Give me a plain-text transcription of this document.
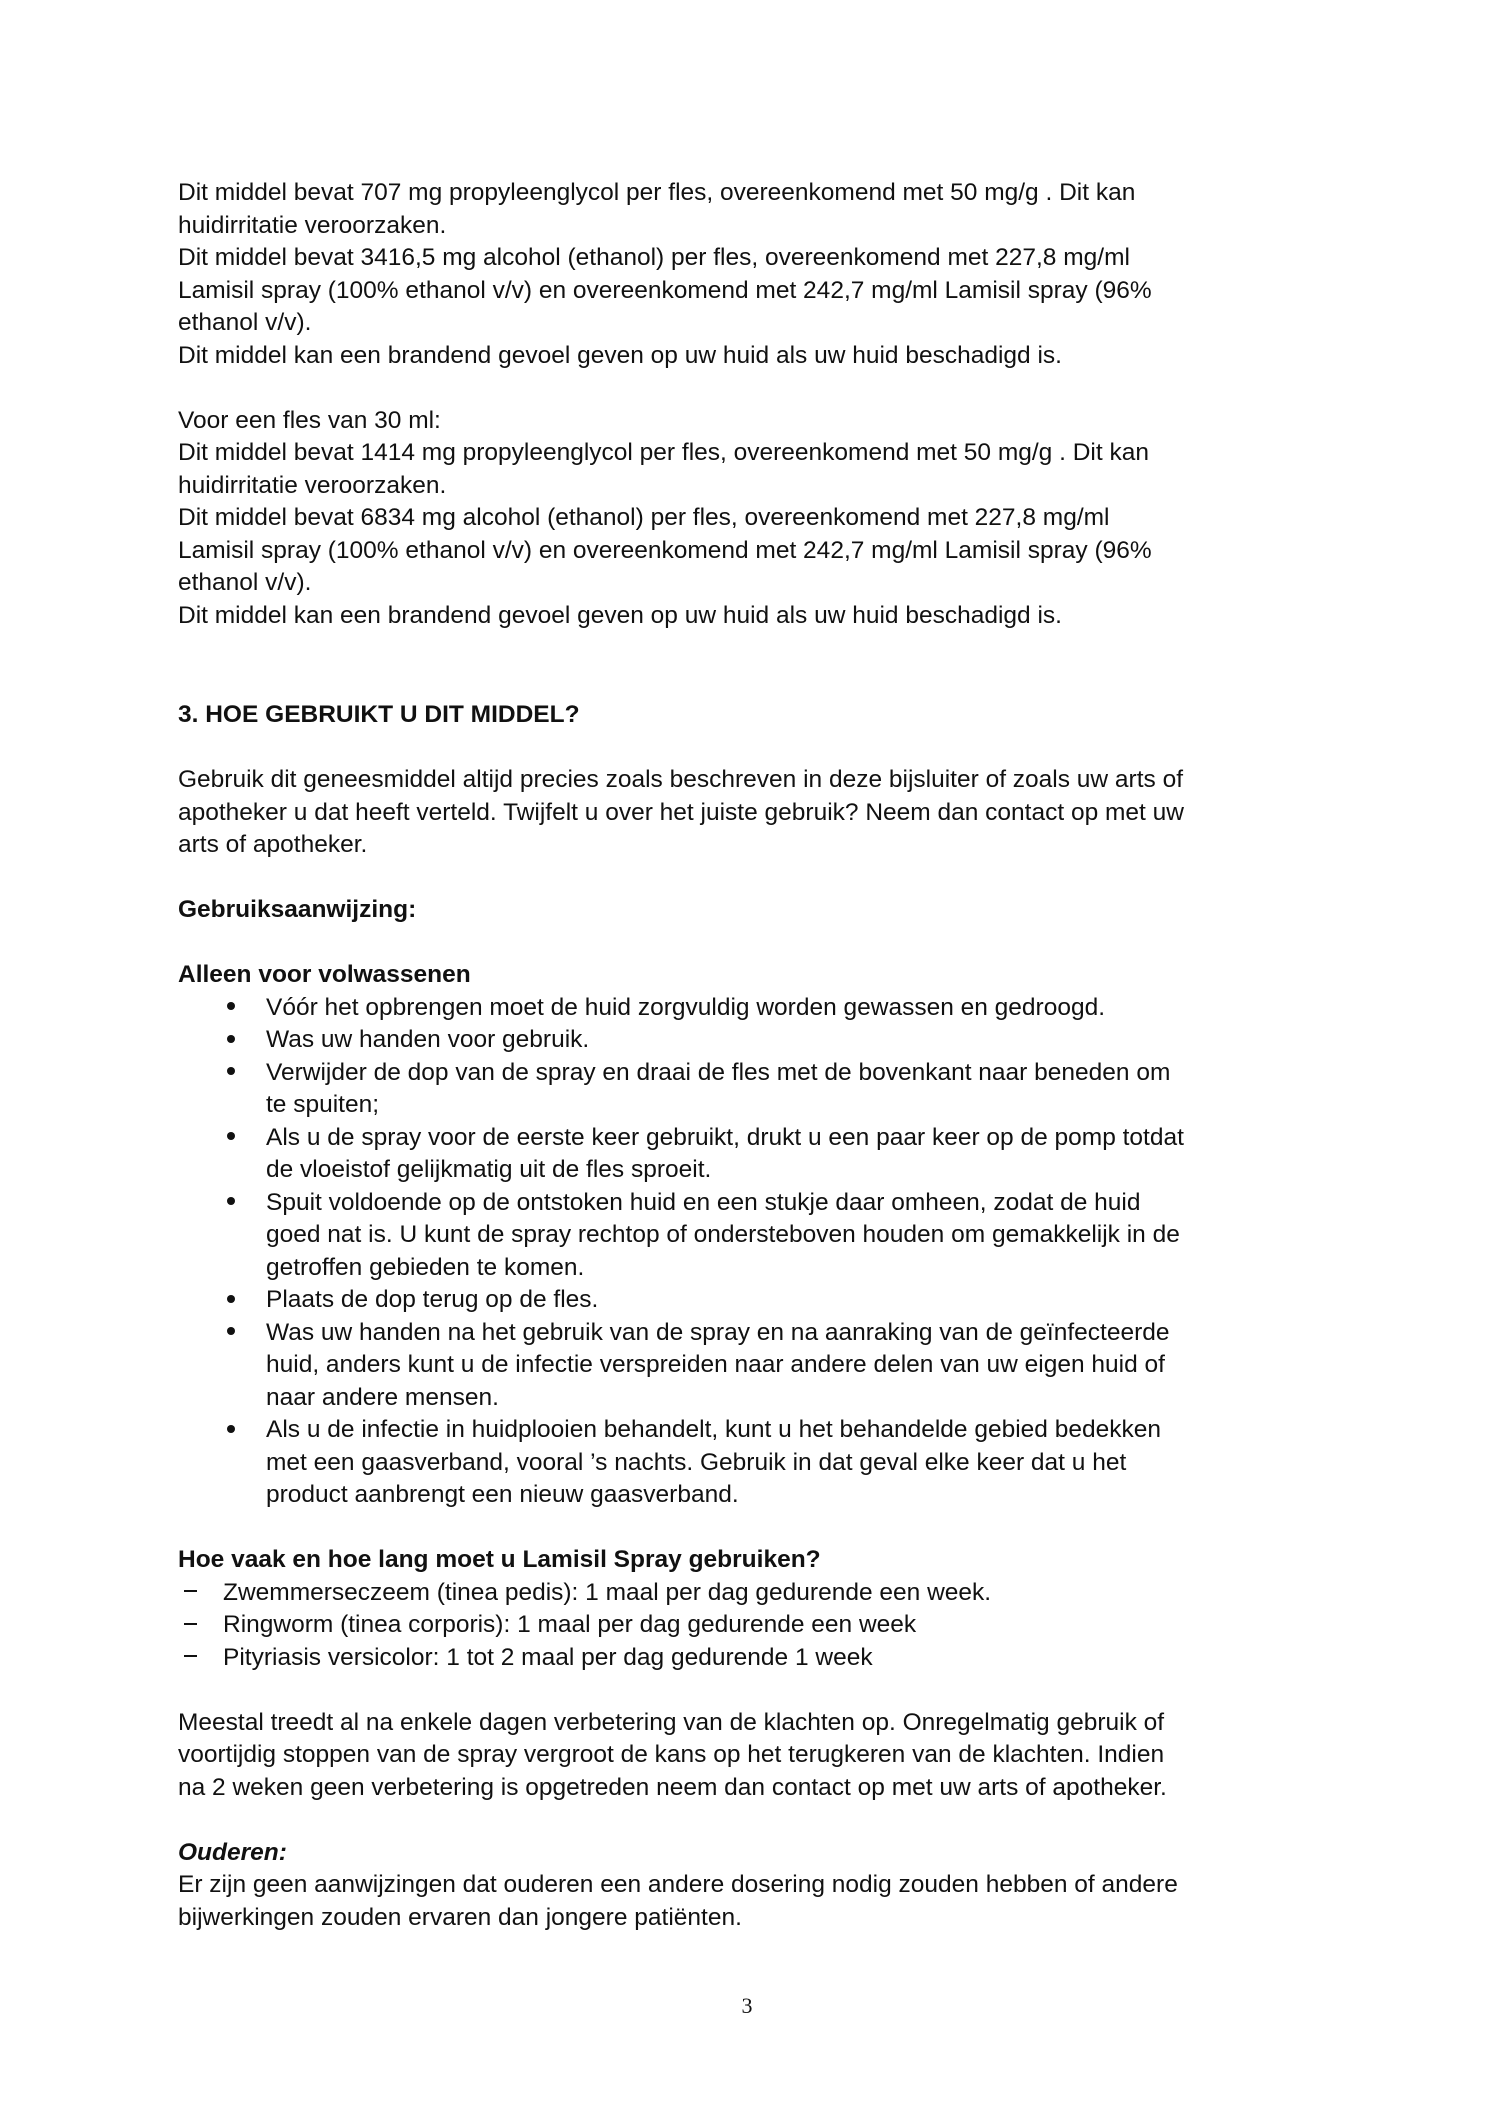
Dit middel bevat 707 mg propyleenglycol per fles, overeenkomend met 50 mg/g . Dit kan
huidirritatie veroorzaken.
Dit middel bevat 3416,5 mg alcohol (ethanol) per fles, overeenkomend met 227,8 mg/ml
Lamisil spray (100% ethanol v/v) en overeenkomend met 242,7 mg/ml Lamisil spray (96%
ethanol v/v).
Dit middel kan een brandend gevoel geven op uw huid als uw huid beschadigd is.
Voor een fles van 30 ml:
Dit middel bevat 1414 mg propyleenglycol per fles, overeenkomend met 50 mg/g . Dit kan
huidirritatie veroorzaken.
Dit middel bevat 6834 mg alcohol (ethanol) per fles, overeenkomend met 227,8 mg/ml
Lamisil spray (100% ethanol v/v) en overeenkomend met 242,7 mg/ml Lamisil spray (96%
ethanol v/v).
Dit middel kan een brandend gevoel geven op uw huid als uw huid beschadigd is.
3. HOE GEBRUIKT U DIT MIDDEL?
Gebruik dit geneesmiddel altijd precies zoals beschreven in deze bijsluiter of zoals uw arts of
apotheker u dat heeft verteld. Twijfelt u over het juiste gebruik? Neem dan contact op met uw
arts of apotheker.
Gebruiksaanwijzing:
Alleen voor volwassenen
Vóór het opbrengen moet de huid zorgvuldig worden gewassen en gedroogd.
Was uw handen voor gebruik.
Verwijder de dop van de spray en draai de fles met de bovenkant naar beneden om
te spuiten;
Als u de spray voor de eerste keer gebruikt, drukt u een paar keer op de pomp totdat
de vloeistof gelijkmatig uit de fles sproeit.
Spuit voldoende op de ontstoken huid en een stukje daar omheen, zodat de huid
goed nat is. U kunt de spray rechtop of ondersteboven houden om gemakkelijk in de
getroffen gebieden te komen.
Plaats de dop terug op de fles.
Was uw handen na het gebruik van de spray en na aanraking van de geïnfecteerde
huid, anders kunt u de infectie verspreiden naar andere delen van uw eigen huid of
naar andere mensen.
Als u de infectie in huidplooien behandelt, kunt u het behandelde gebied bedekken
met een gaasverband, vooral ’s nachts. Gebruik in dat geval elke keer dat u het
product aanbrengt een nieuw gaasverband.
Hoe vaak en hoe lang moet u Lamisil Spray gebruiken?
Zwemmerseczeem (tinea pedis): 1 maal per dag gedurende een week.
Ringworm (tinea corporis): 1 maal per dag gedurende een week
Pityriasis versicolor: 1 tot 2 maal per dag gedurende 1 week
Meestal treedt al na enkele dagen verbetering van de klachten op. Onregelmatig gebruik of
voortijdig stoppen van de spray vergroot de kans op het terugkeren van de klachten. Indien
na 2 weken geen verbetering is opgetreden neem dan contact op met uw arts of apotheker.
Ouderen:
Er zijn geen aanwijzingen dat ouderen een andere dosering nodig zouden hebben of andere
bijwerkingen zouden ervaren dan jongere patiënten.
3
